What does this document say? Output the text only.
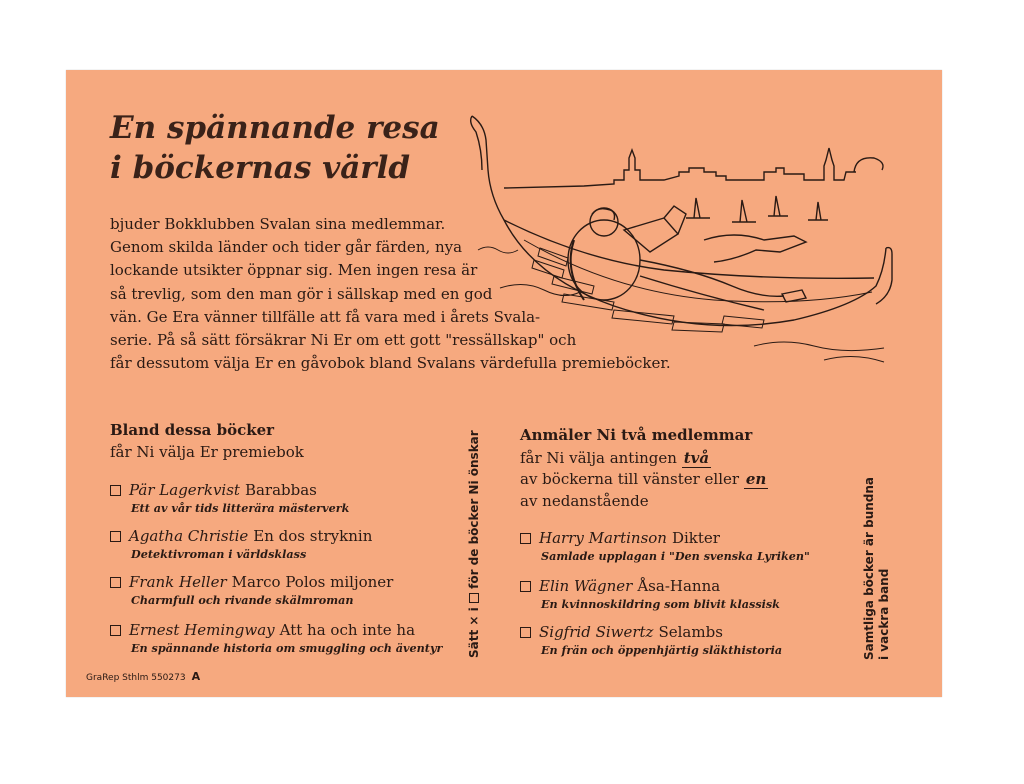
En spännande resa
i böckernas värld

bjuder Bokklubben Svalan sina medlemmar.
Genom skilda länder och tider går färden, nya
lockande utsikter öppnar sig. Men ingen resa är
så trevlig, som den man gör i sällskap med en god
vän. Ge Era vänner tillfälle att få vara med i årets Svala-
serie. På så sätt försäkrar Ni Er om ett gott "ressällskap" och
får dessutom välja Er en gåvobok bland Svalans värdefulla premieböcker.

Bland dessa böcker
får Ni välja Er premiebok
Pär Lagerkvist Barabbas
Ett av vår tids litterära mästerverk
Agatha Christie En dos stryknin
Detektivroman i världsklass
Frank Heller Marco Polos miljoner
Charmfull och rivande skälmroman
Ernest Hemingway Att ha och inte ha
En spännande historia om smuggling och äventyr Sätt × i  för de böcker Ni önskar	Anmäler Ni två medlemmar
får Ni välja antingen två
av böckerna till vänster eller en
av nedanstående
Harry Martinson Dikter
Samlade upplagan i "Den svenska Lyriken"
Elin Wägner Åsa-Hanna
En kvinnoskildring som blivit klassisk
Sigfrid Siwertz Selambs
En frän och öppenhjärtig släkthistoria	Samtliga böcker är bundna i vackra band
GraRep Sthlm 550273 A
